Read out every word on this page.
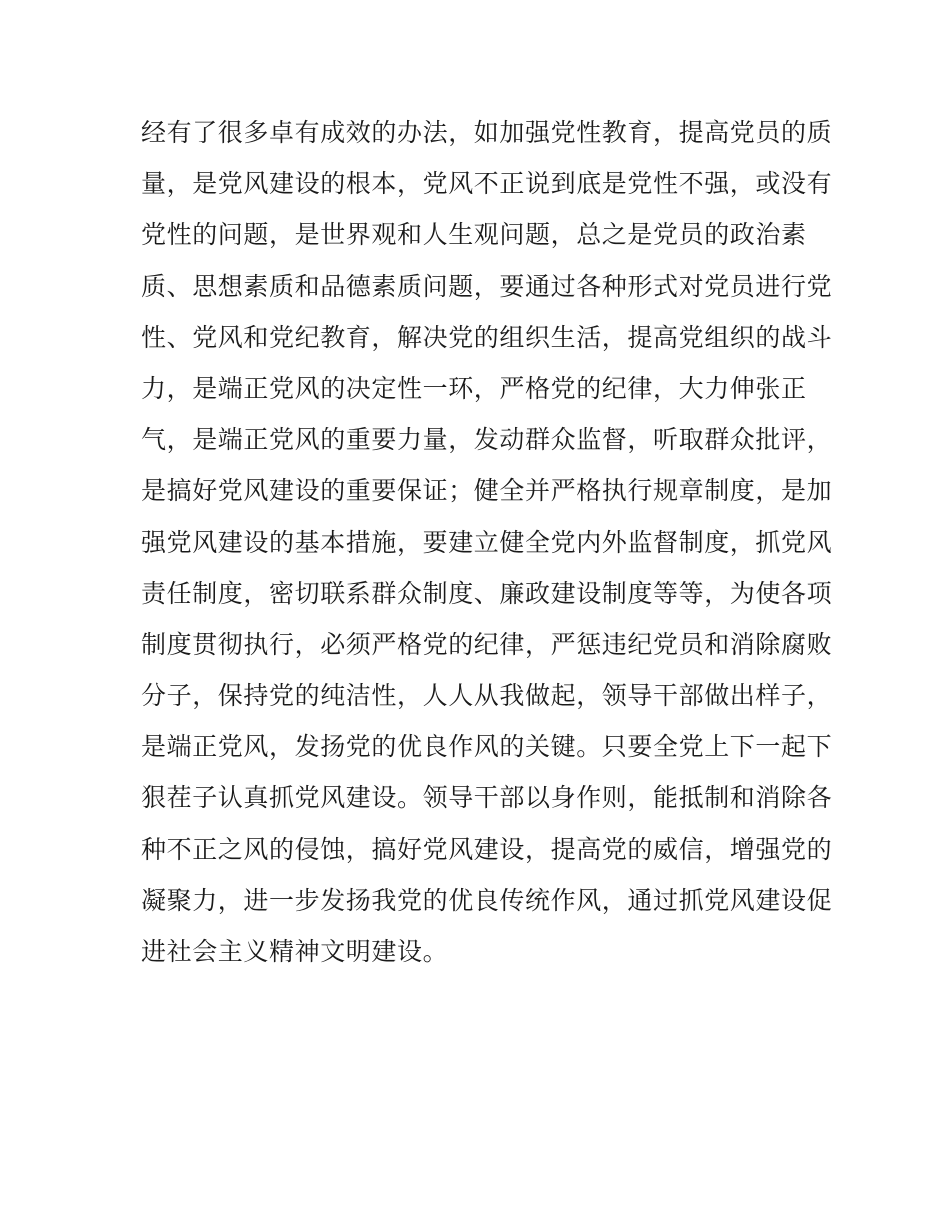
经有了很多卓有成效的办法，如加强党性教育，提高党员的质
量，是党风建设的根本，党风不正说到底是党性不强，或没有
党性的问题，是世界观和人生观问题，总之是党员的政治素
质、思想素质和品德素质问题，要通过各种形式对党员进行党
性、党风和党纪教育，解决党的组织生活，提高党组织的战斗
力，是端正党风的决定性一环，严格党的纪律，大力伸张正
气，是端正党风的重要力量，发动群众监督，听取群众批评，
是搞好党风建设的重要保证；健全并严格执行规章制度，是加
强党风建设的基本措施，要建立健全党内外监督制度，抓党风
责任制度，密切联系群众制度、廉政建设制度等等，为使各项
制度贯彻执行，必须严格党的纪律，严惩违纪党员和消除腐败
分子，保持党的纯洁性，人人从我做起，领导干部做出样子，
是端正党风，发扬党的优良作风的关键。只要全党上下一起下
狠茬子认真抓党风建设。领导干部以身作则，能抵制和消除各
种不正之风的侵蚀，搞好党风建设，提高党的威信，增强党的
凝聚力，进一步发扬我党的优良传统作风，通过抓党风建设促
进社会主义精神文明建设。
